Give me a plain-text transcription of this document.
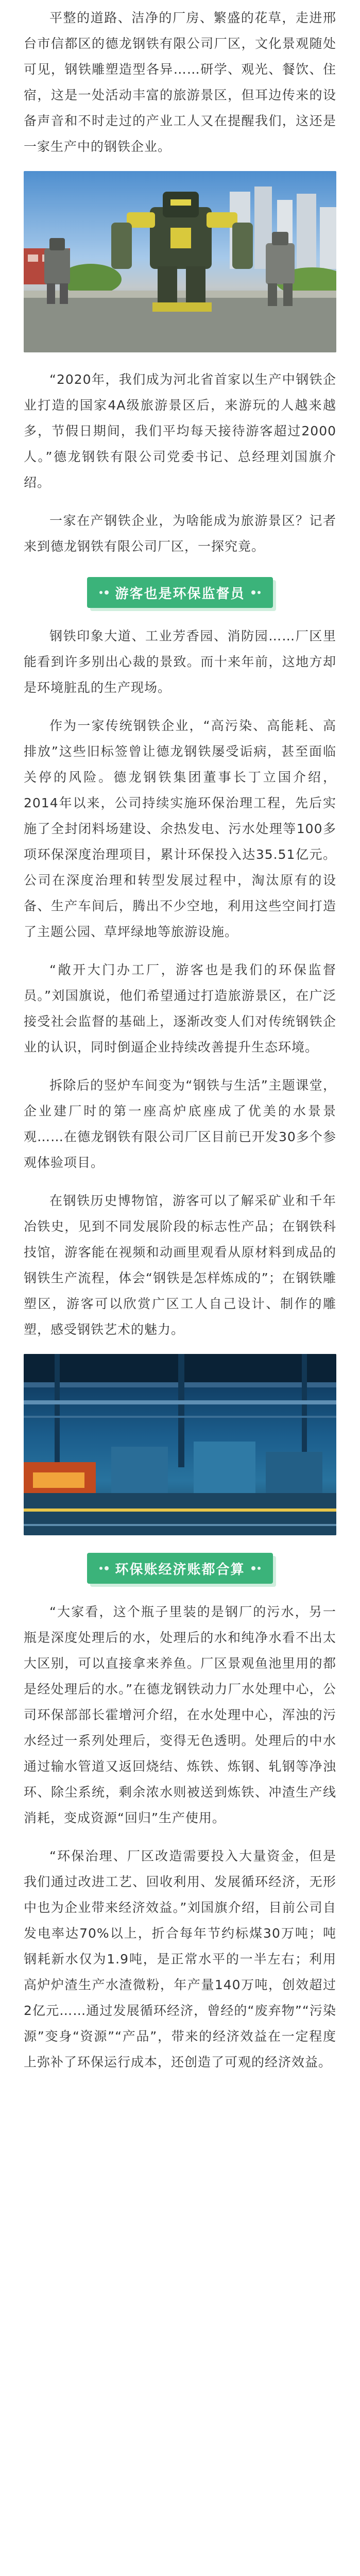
平整的道路、洁净的厂房、繁盛的花草，走进邢台市信都区的德龙钢铁有限公司厂区，文化景观随处可见，钢铁雕塑造型各异……研学、观光、餐饮、住宿，这是一处活动丰富的旅游景区，但耳边传来的设备声音和不时走过的产业工人又在提醒我们，这还是一家生产中的钢铁企业。

“2020年，我们成为河北省首家以生产中钢铁企业打造的国家4A级旅游景区后，来游玩的人越来越多，节假日期间，我们平均每天接待游客超过2000人。”德龙钢铁有限公司党委书记、总经理刘国旗介绍。

一家在产钢铁企业，为啥能成为旅游景区？记者来到德龙钢铁有限公司厂区，一探究竟。

游客也是环保监督员

钢铁印象大道、工业芳香园、消防园……厂区里能看到许多别出心裁的景致。而十来年前，这地方却是环境脏乱的生产现场。

作为一家传统钢铁企业，“高污染、高能耗、高排放”这些旧标签曾让德龙钢铁屡受诟病，甚至面临关停的风险。德龙钢铁集团董事长丁立国介绍，2014年以来，公司持续实施环保治理工程，先后实施了全封闭料场建设、余热发电、污水处理等100多项环保深度治理项目，累计环保投入达35.51亿元。公司在深度治理和转型发展过程中，淘汰原有的设备、生产车间后，腾出不少空地，利用这些空间打造了主题公园、草坪绿地等旅游设施。

“敞开大门办工厂，游客也是我们的环保监督员。”刘国旗说，他们希望通过打造旅游景区，在广泛接受社会监督的基础上，逐渐改变人们对传统钢铁企业的认识，同时倒逼企业持续改善提升生态环境。

拆除后的竖炉车间变为“钢铁与生活”主题课堂，企业建厂时的第一座高炉底座成了优美的水景景观……在德龙钢铁有限公司厂区目前已开发30多个参观体验项目。

在钢铁历史博物馆，游客可以了解采矿业和千年冶铁史，见到不同发展阶段的标志性产品；在钢铁科技馆，游客能在视频和动画里观看从原材料到成品的钢铁生产流程，体会“钢铁是怎样炼成的”；在钢铁雕塑区，游客可以欣赏广区工人自己设计、制作的雕塑，感受钢铁艺术的魅力。

环保账经济账都合算

“大家看，这个瓶子里装的是钢厂的污水，另一瓶是深度处理后的水，处理后的水和纯净水看不出太大区别，可以直接拿来养鱼。厂区景观鱼池里用的都是经处理后的水。”在德龙钢铁动力厂水处理中心，公司环保部部长霍增河介绍，在水处理中心，浑浊的污水经过一系列处理后，变得无色透明。处理后的中水通过输水管道又返回烧结、炼铁、炼钢、轧钢等净浊环、除尘系统，剩余浓水则被送到炼铁、冲渣生产线消耗，变成资源“回归”生产使用。

“环保治理、厂区改造需要投入大量资金，但是我们通过改进工艺、回收利用、发展循环经济，无形中也为企业带来经济效益。”刘国旗介绍，目前公司自发电率达70%以上，折合每年节约标煤30万吨；吨钢耗新水仅为1.9吨，是正常水平的一半左右；利用高炉炉渣生产水渣微粉，年产量140万吨，创效超过2亿元……通过发展循环经济，曾经的“废弃物”“污染源”变身“资源”“产品”，带来的经济效益在一定程度上弥补了环保运行成本，还创造了可观的经济效益。
